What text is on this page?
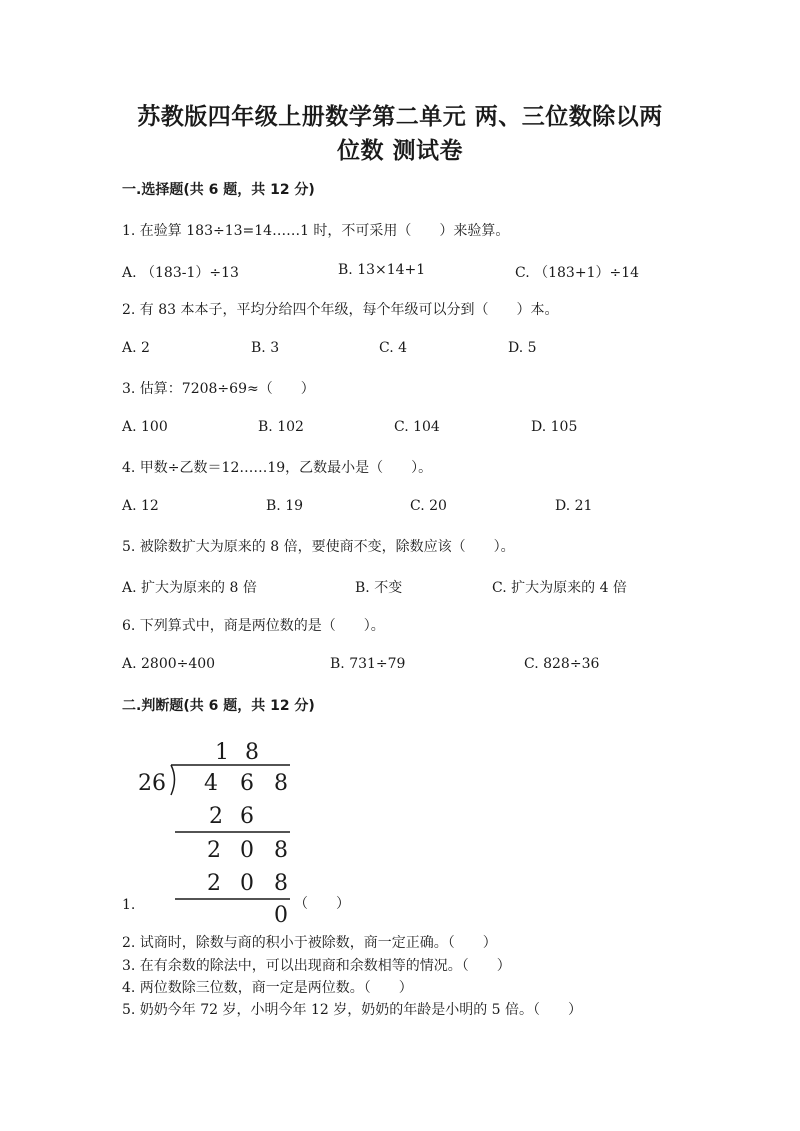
苏教版四年级上册数学第二单元 两、三位数除以两
位数 测试卷
一.选择题(共 6 题，共 12 分)
1. 在验算 183÷13=14……1 时，不可采用（　　）来验算。
A. （183-1）÷13	B. 13×14+1	C. （183+1）÷14
2. 有 83 本本子，平均分给四个年级，每个年级可以分到（　　）本。
A. 2	B. 3	C. 4	D. 5
3. 估算：7208÷69≈（　　）
A. 100	B. 102	C. 104	D. 105
4. 甲数÷乙数＝12……19，乙数最小是（　　）。
A. 12	B. 19	C. 20	D. 21
5. 被除数扩大为原来的 8 倍，要使商不变，除数应该（　　）。
A. 扩大为原来的 8 倍	B. 不变	C. 扩大为原来的 4 倍
6. 下列算式中，商是两位数的是（　　）。
A. 2800÷400	B. 731÷79	C. 828÷36
二.判断题(共 6 题，共 12 分)
1 8
26 4 6 8
2 6
2 0 8
2 0 8
0
1.	（　　）
2. 试商时，除数与商的积小于被除数，商一定正确。（　　）
3. 在有余数的除法中，可以出现商和余数相等的情况。（　　）
4. 两位数除三位数，商一定是两位数。（　　）
5. 奶奶今年 72 岁，小明今年 12 岁，奶奶的年龄是小明的 5 倍。（　　）
